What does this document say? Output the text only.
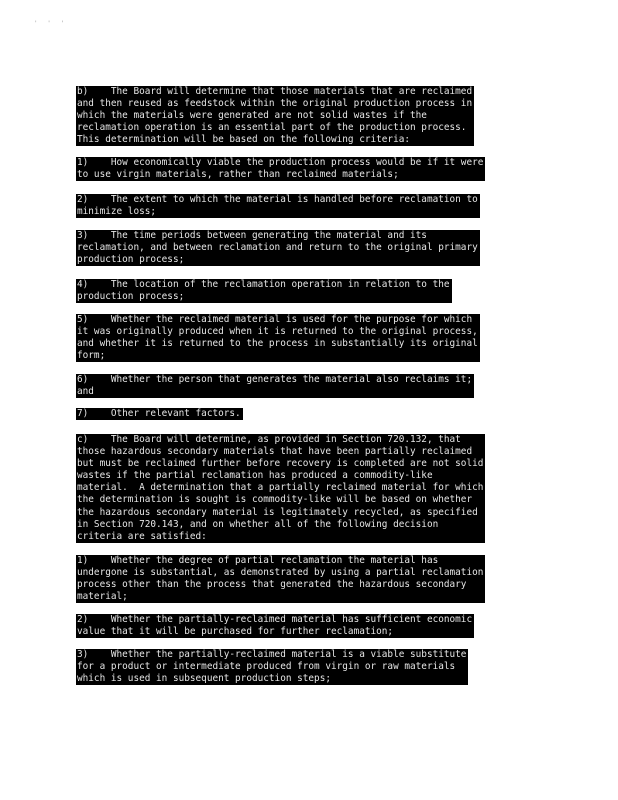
' ' '
b)    The Board will determine that those materials that are reclaimed
and then reused as feedstock within the original production process in
which the materials were generated are not solid wastes if the
reclamation operation is an essential part of the production process.
This determination will be based on the following criteria:
1)    How economically viable the production process would be if it were
to use virgin materials, rather than reclaimed materials;
2)    The extent to which the material is handled before reclamation to
minimize loss;
3)    The time periods between generating the material and its
reclamation, and between reclamation and return to the original primary
production process;
4)    The location of the reclamation operation in relation to the
production process;
5)    Whether the reclaimed material is used for the purpose for which
it was originally produced when it is returned to the original process,
and whether it is returned to the process in substantially its original
form;
6)    Whether the person that generates the material also reclaims it;
and
7)    Other relevant factors.
c)    The Board will determine, as provided in Section 720.132, that
those hazardous secondary materials that have been partially reclaimed
but must be reclaimed further before recovery is completed are not solid
wastes if the partial reclamation has produced a commodity-like
material.  A determination that a partially reclaimed material for which
the determination is sought is commodity-like will be based on whether
the hazardous secondary material is legitimately recycled, as specified
in Section 720.143, and on whether all of the following decision
criteria are satisfied:
1)    Whether the degree of partial reclamation the material has
undergone is substantial, as demonstrated by using a partial reclamation
process other than the process that generated the hazardous secondary
material;
2)    Whether the partially-reclaimed material has sufficient economic
value that it will be purchased for further reclamation;
3)    Whether the partially-reclaimed material is a viable substitute
for a product or intermediate produced from virgin or raw materials
which is used in subsequent production steps;
